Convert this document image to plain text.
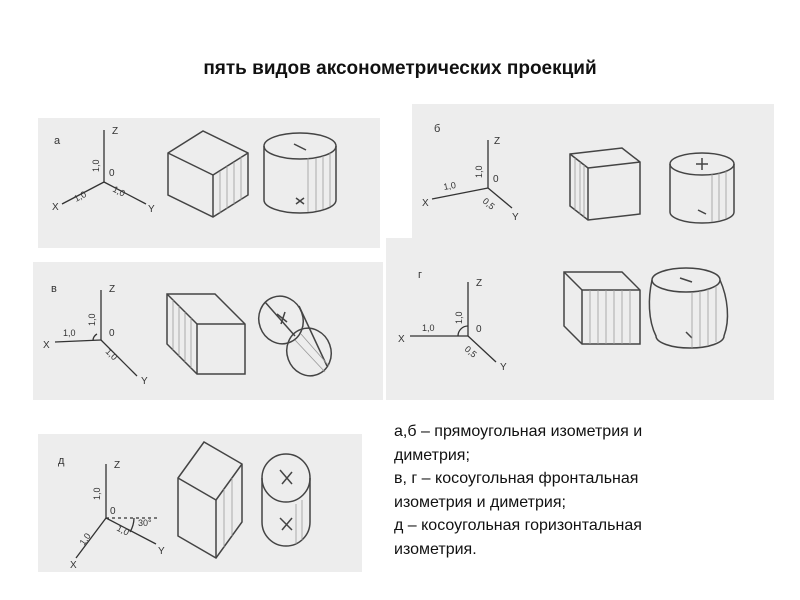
пять видов аксонометрических проекций
а
Z
X	Y
0
1,0
1,0	1,0
б
Z
X
Y
0
1,0
1,0
0,5
в	Z
X
Y
0
1,0
1,0
1,0
г
Z
X
Y
0
1,0
1,0
0,5
д	Z
X
Y
0
1,0
1,0
1,0 30°
а,б – прямоугольная изометрия и
диметрия;
в, г – косоугольная фронтальная
изометрия и диметрия;
д – косоугольная горизонтальная
изометрия.
